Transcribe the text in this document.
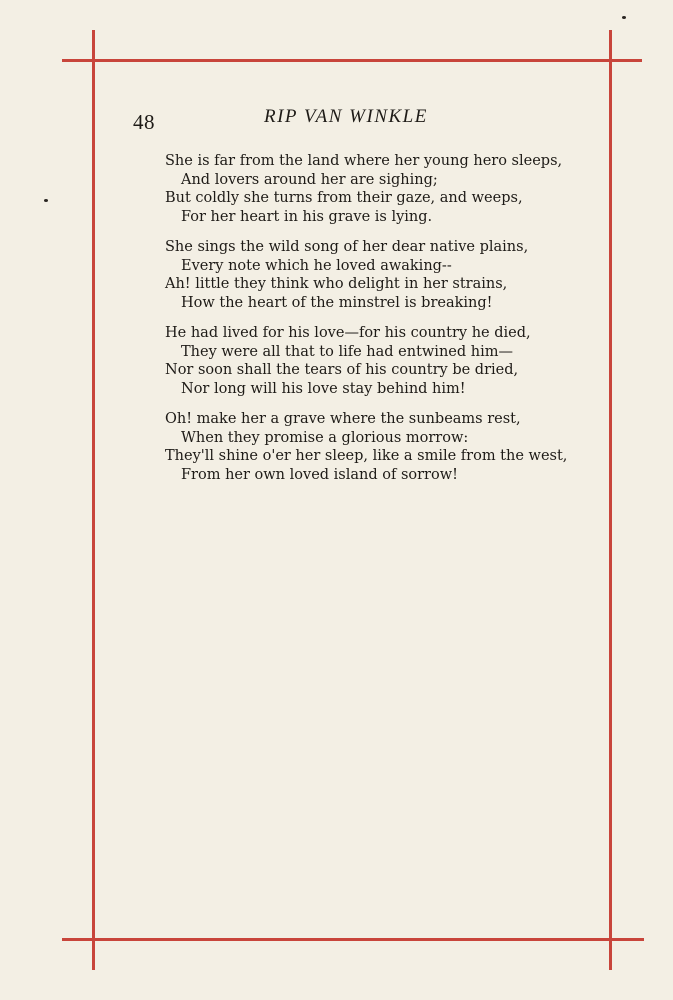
48	RIP VAN WINKLE
She is far from the land where her young hero sleeps,
And lovers around her are sighing;
But coldly she turns from their gaze, and weeps,
For her heart in his grave is lying.
She sings the wild song of her dear native plains,
Every note which he loved awaking--
Ah! little they think who delight in her strains,
How the heart of the minstrel is breaking!
He had lived for his love—for his country he died,
They were all that to life had entwined him—
Nor soon shall the tears of his country be dried,
Nor long will his love stay behind him!
Oh! make her a grave where the sunbeams rest,
When they promise a glorious morrow:
They'll shine o'er her sleep, like a smile from the west,
From her own loved island of sorrow!
